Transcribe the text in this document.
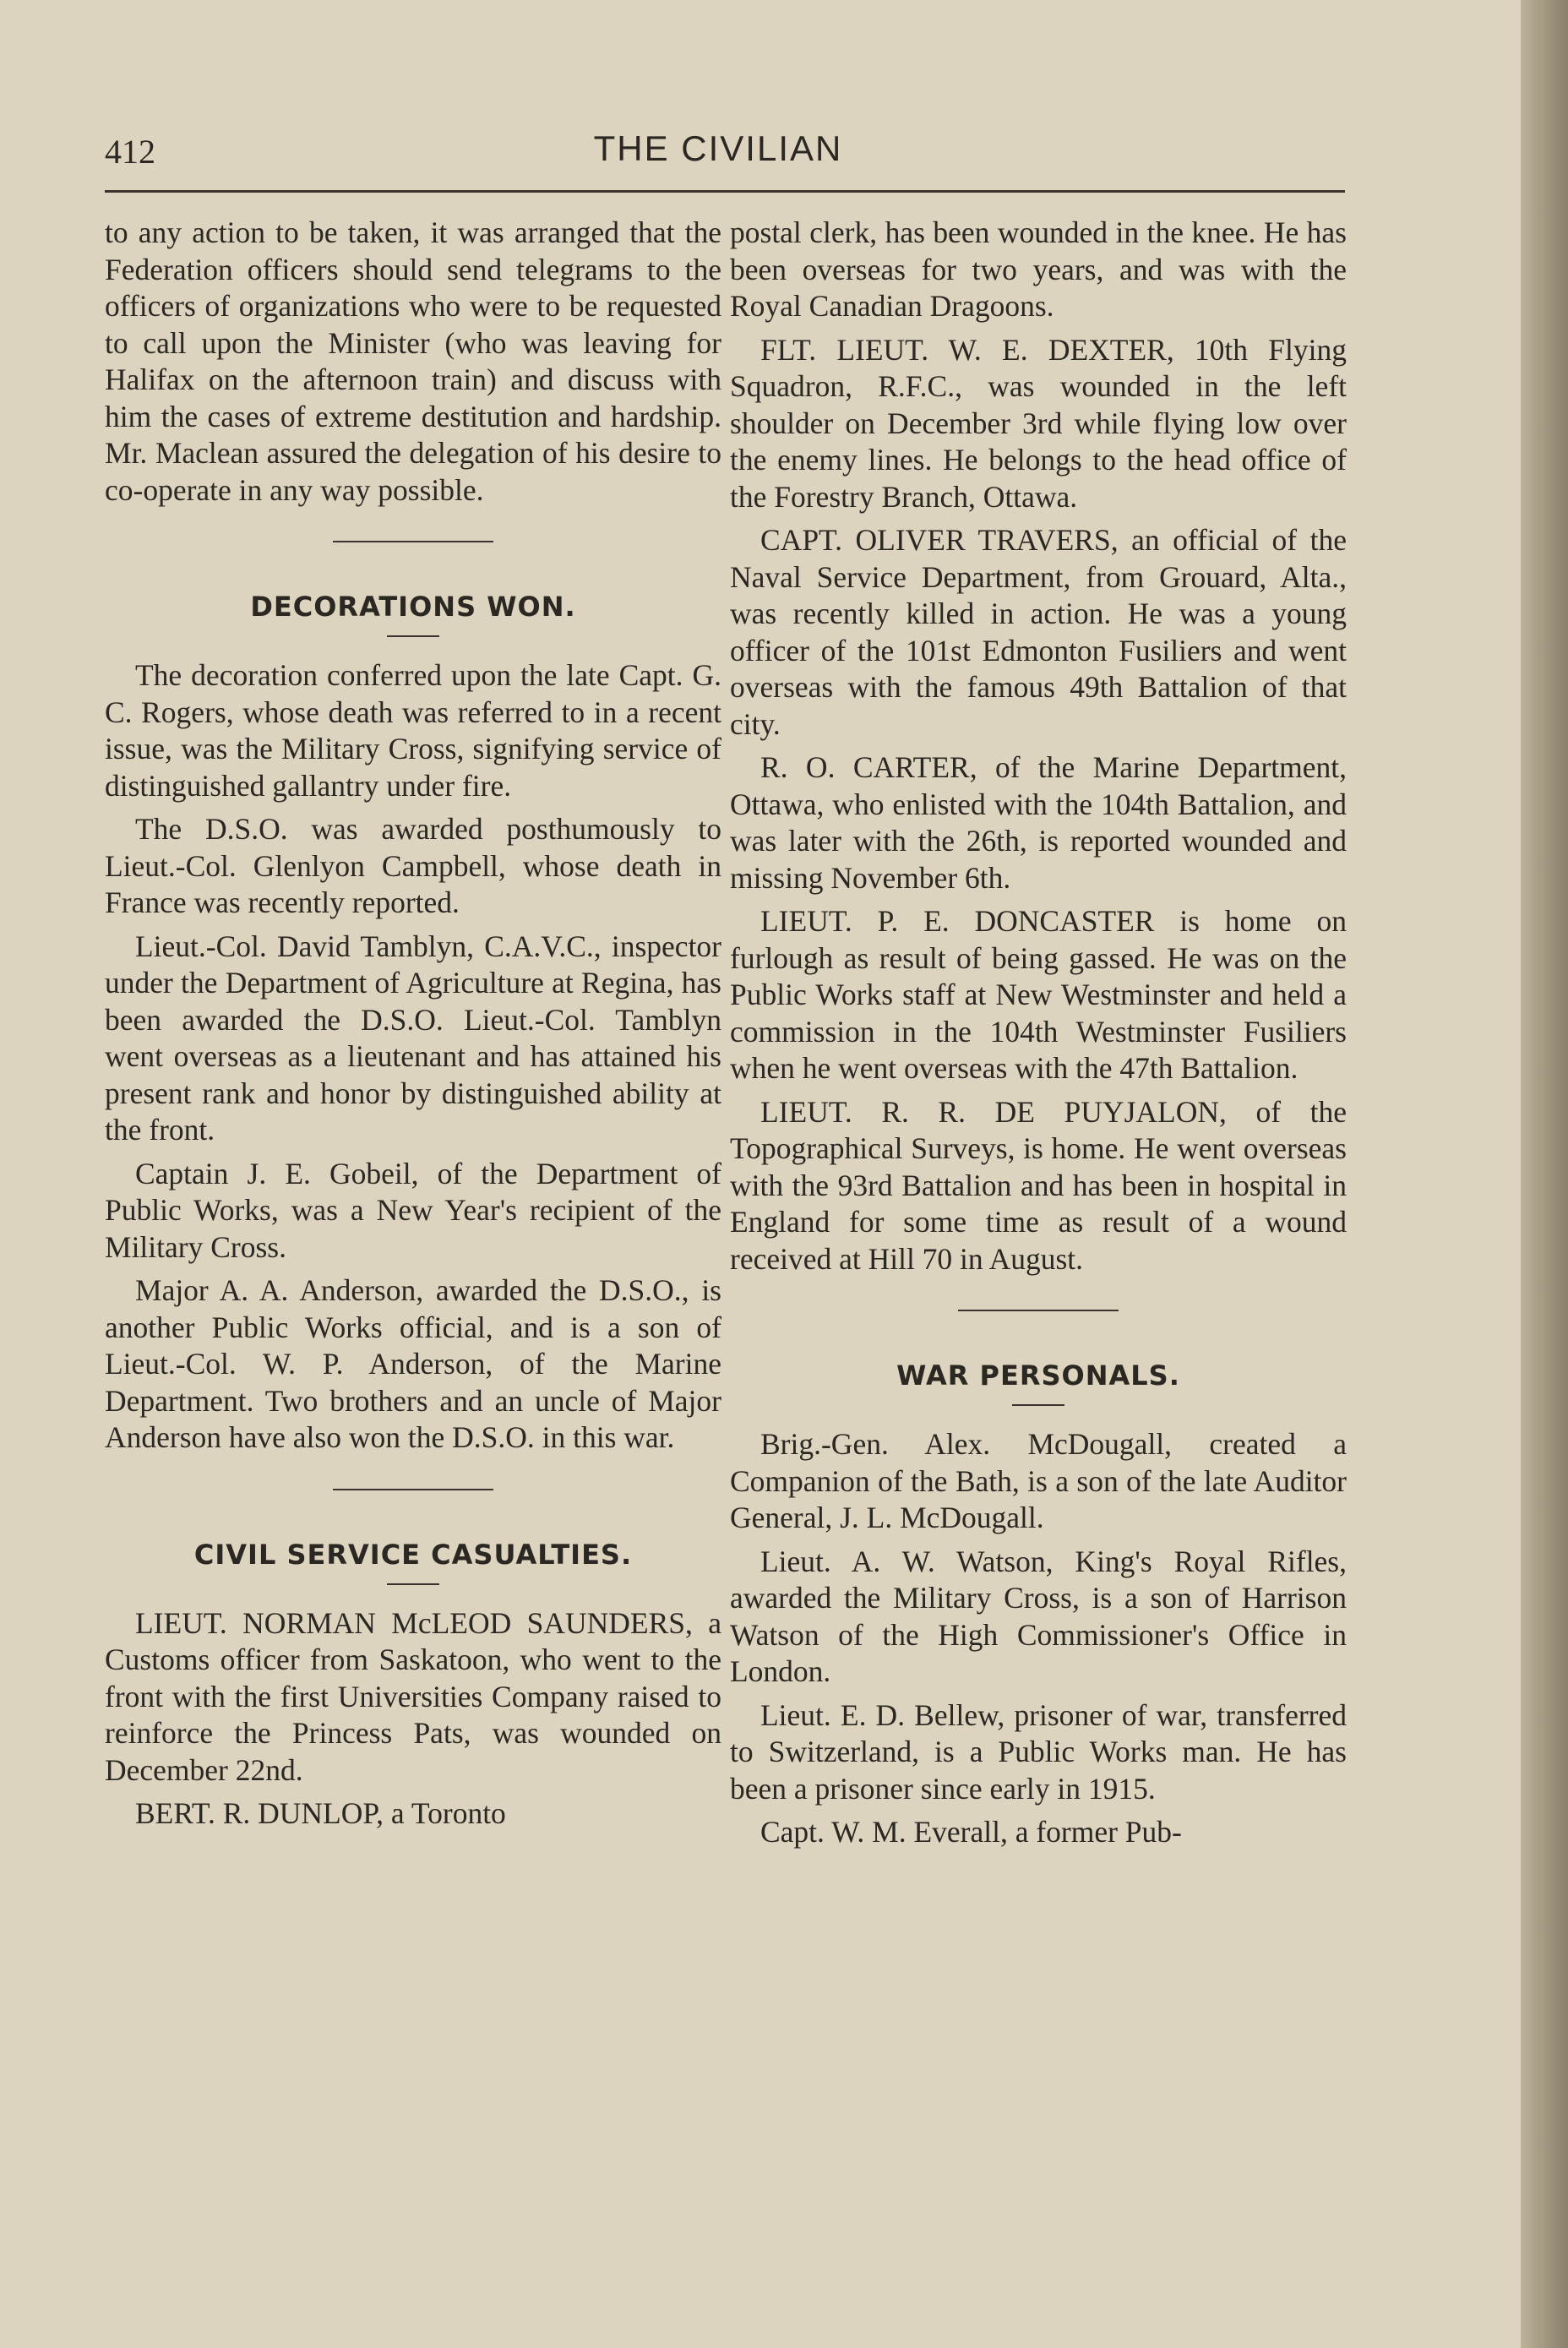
412	THE CIVILIAN

to any action to be taken, it was arranged that the Federation officers should send telegrams to the officers of organizations who were to be requested to call upon the Minister (who was leaving for Halifax on the afternoon train) and discuss with him the cases of extreme destitution and hardship. Mr. Maclean assured the delegation of his desire to co-operate in any way possible.

DECORATIONS WON.

The decoration conferred upon the late Capt. G. C. Rogers, whose death was referred to in a recent issue, was the Military Cross, signifying service of distinguished gallantry under fire.

The D.S.O. was awarded posthumously to Lieut.-Col. Glenlyon Campbell, whose death in France was recently reported.

Lieut.-Col. David Tamblyn, C.A.V.C., inspector under the Department of Agriculture at Regina, has been awarded the D.S.O. Lieut.-Col. Tamblyn went overseas as a lieutenant and has attained his present rank and honor by distinguished ability at the front.

Captain J. E. Gobeil, of the Department of Public Works, was a New Year's recipient of the Military Cross.

Major A. A. Anderson, awarded the D.S.O., is another Public Works official, and is a son of Lieut.-Col. W. P. Anderson, of the Marine Department. Two brothers and an uncle of Major Anderson have also won the D.S.O. in this war.

CIVIL SERVICE CASUALTIES.

LIEUT. NORMAN McLEOD SAUNDERS, a Customs officer from Saskatoon, who went to the front with the first Universities Company raised to reinforce the Princess Pats, was wounded on December 22nd.

BERT. R. DUNLOP, a Toronto

postal clerk, has been wounded in the knee. He has been overseas for two years, and was with the Royal Canadian Dragoons.

FLT. LIEUT. W. E. DEXTER, 10th Flying Squadron, R.F.C., was wounded in the left shoulder on December 3rd while flying low over the enemy lines. He belongs to the head office of the Forestry Branch, Ottawa.

CAPT. OLIVER TRAVERS, an official of the Naval Service Department, from Grouard, Alta., was recently killed in action. He was a young officer of the 101st Edmonton Fusiliers and went overseas with the famous 49th Battalion of that city.

R. O. CARTER, of the Marine Department, Ottawa, who enlisted with the 104th Battalion, and was later with the 26th, is reported wounded and missing November 6th.

LIEUT. P. E. DONCASTER is home on furlough as result of being gassed. He was on the Public Works staff at New Westminster and held a commission in the 104th Westminster Fusiliers when he went overseas with the 47th Battalion.

LIEUT. R. R. DE PUYJALON, of the Topographical Surveys, is home. He went overseas with the 93rd Battalion and has been in hospital in England for some time as result of a wound received at Hill 70 in August.

WAR PERSONALS.

Brig.-Gen. Alex. McDougall, created a Companion of the Bath, is a son of the late Auditor General, J. L. McDougall.

Lieut. A. W. Watson, King's Royal Rifles, awarded the Military Cross, is a son of Harrison Watson of the High Commissioner's Office in London.

Lieut. E. D. Bellew, prisoner of war, transferred to Switzerland, is a Public Works man. He has been a prisoner since early in 1915.

Capt. W. M. Everall, a former Pub-
